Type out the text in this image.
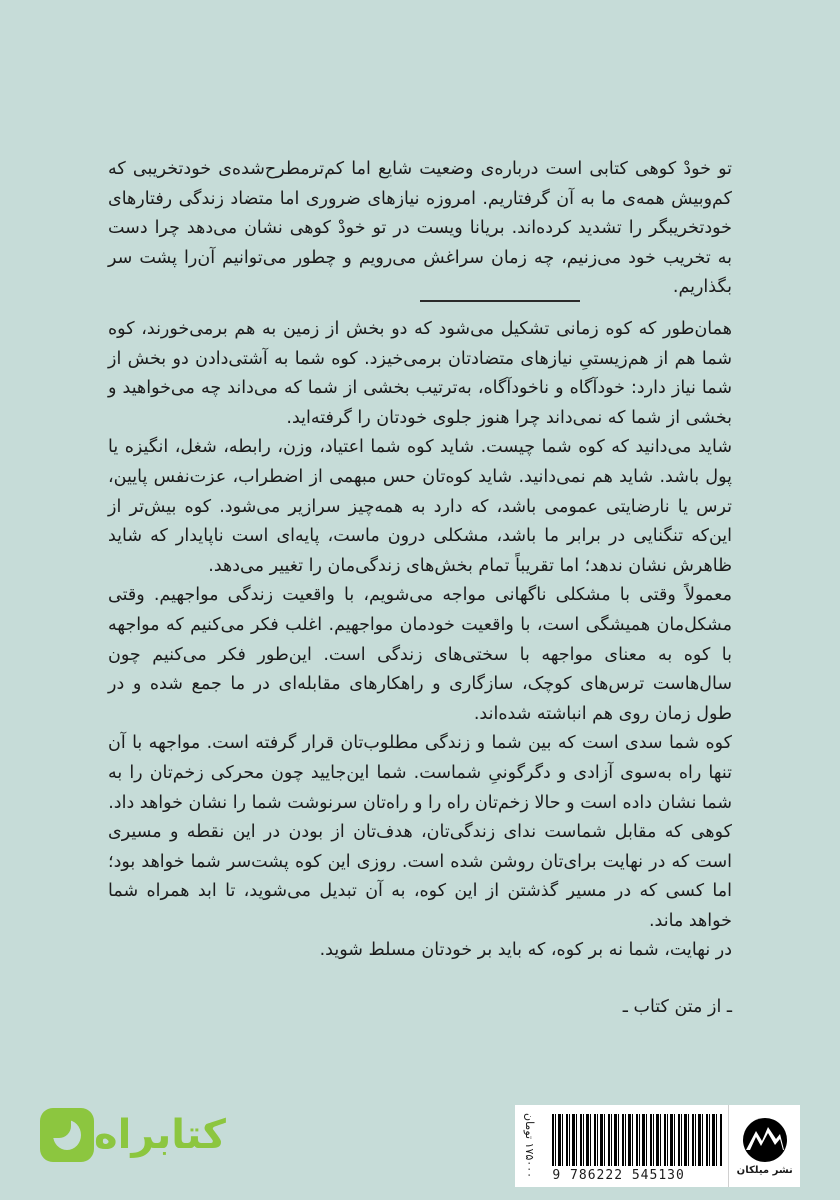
تو خودْ کوهی کتابی است دربارەی وضعیت شایع اما کم‌ترمطرح‌شدەی خودتخریبی که کم‌وبیش همەی ما به آن گرفتاریم. امروزه نیازهای ضروری اما متضاد زندگی رفتارهای خودتخریبگر را تشدید کرده‌اند. بریانا ویست در تو خودْ کوهی نشان می‌دهد چرا دست به تخریب خود می‌زنیم، چه زمان سراغش می‌رویم و چطور می‌توانیم آن‌را پشت سر بگذاریم.

همان‌طور که کوه زمانی تشکیل می‌شود که دو بخش از زمین به هم برمی‌خورند، کوه شما هم از هم‌زیستیِ نیازهای متضادتان برمی‌خیزد. کوه شما به آشتی‌دادن دو بخش از شما نیاز دارد: خودآگاه و ناخودآگاه، به‌ترتیب بخشی از شما که می‌داند چه می‌خواهید و بخشی از شما که نمی‌داند چرا هنوز جلوی خودتان را گرفته‌اید.

شاید می‌دانید که کوه شما چیست. شاید کوه شما اعتیاد، وزن، رابطه، شغل، انگیزه یا پول باشد. شاید هم نمی‌دانید. شاید کوه‌تان حس مبهمی از اضطراب، عزت‌نفس پایین، ترس یا نارضایتی عمومی باشد، که دارد به همه‌چیز سرازیر می‌شود. کوه بیش‌تر از این‌که تنگنایی در برابر ما باشد، مشکلی درون ماست، پایه‌ای است ناپایدار که شاید ظاهرش نشان ندهد؛ اما تقریباً تمام بخش‌های زندگی‌مان را تغییر می‌دهد.

معمولاً وقتی با مشکلی ناگهانی مواجه می‌شویم، با واقعیت زندگی مواجهیم. وقتی مشکل‌مان همیشگی است، با واقعیت خودمان مواجهیم. اغلب فکر می‌کنیم که مواجهه با کوه به معنای مواجهه با سختی‌های زندگی است. این‌طور فکر می‌کنیم چون سال‌هاست ترس‌های کوچک، سازگاری و راهکارهای مقابله‌ای در ما جمع شده و در طول زمان روی هم انباشته شده‌اند.

کوه شما سدی است که بین شما و زندگی مطلوب‌تان قرار گرفته است. مواجهه با آن تنها راه به‌سوی آزادی و دگرگونیِ شماست. شما این‌جایید چون محرکی زخم‌تان را به شما نشان داده است و حالا زخم‌تان راه را و راه‌تان سرنوشت شما را نشان خواهد داد.

کوهی که مقابل شماست ندای زندگی‌تان، هدف‌تان از بودن در این نقطه و مسیری است که در نهایت برای‌تان روشن شده است. روزی این کوه پشت‌سر شما خواهد بود؛ اما کسی که در مسیر گذشتن از این کوه، به آن تبدیل می‌شوید، تا ابد همراه شما خواهد ماند.

در نهایت، شما نه بر کوه، که باید بر خودتان مسلط شوید.

ـ از متن کتاب ـ
کتابراه
نشر میلکان
9 786222 545130
۱۷۵۰۰۰ تومان
